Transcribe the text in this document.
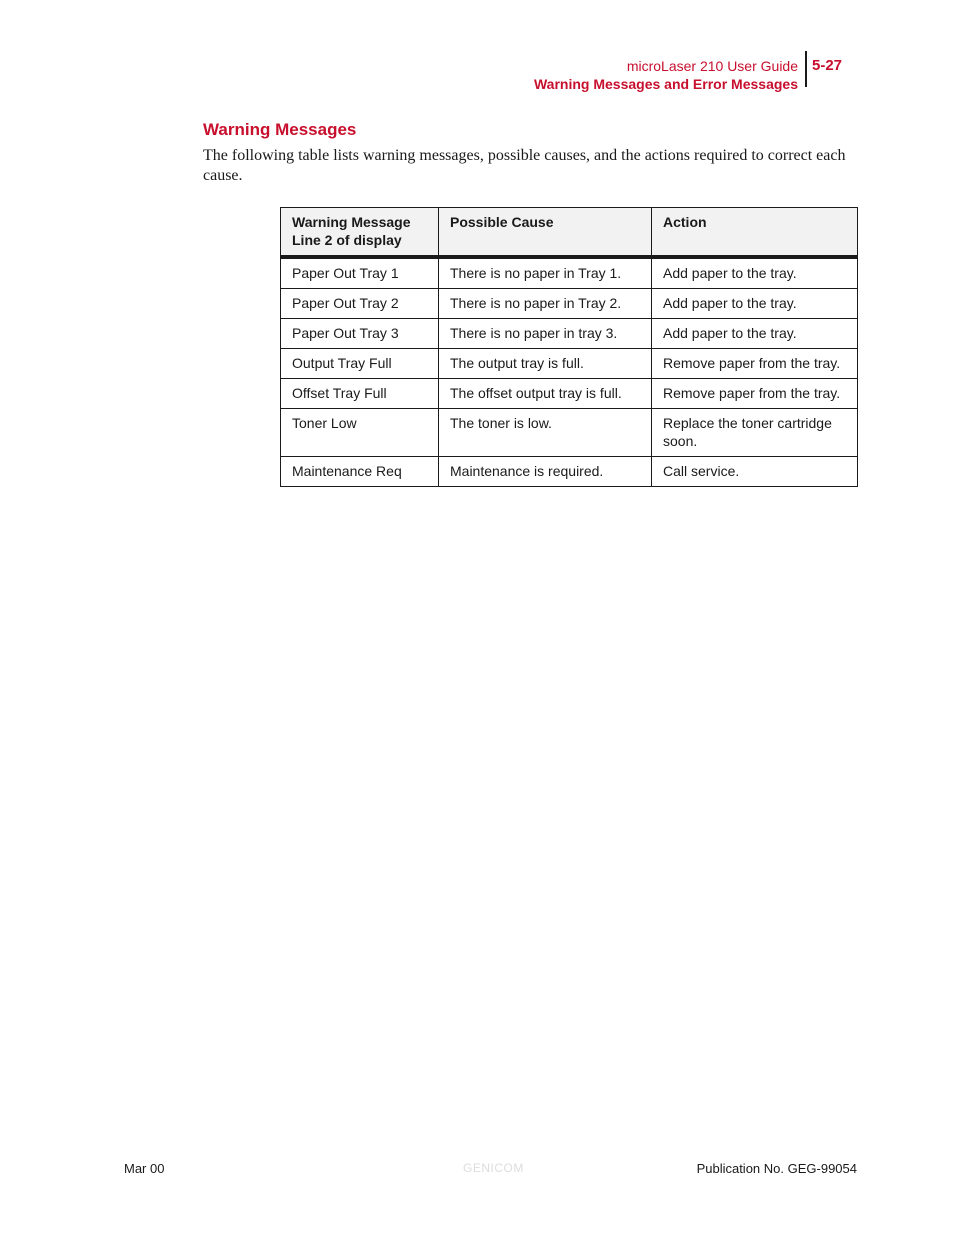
microLaser 210 User Guide
Warning Messages and Error Messages
5-27
Warning Messages

The following table lists warning messages, possible causes, and the actions required to correct each cause.

Warning Message
Line 2 of display	Possible Cause	Action
Paper Out Tray 1	There is no paper in Tray 1.	Add paper to the tray.
Paper Out Tray 2	There is no paper in Tray 2.	Add paper to the tray.
Paper Out Tray 3	There is no paper in tray 3.	Add paper to the tray.
Output Tray Full	The output tray is full.	Remove paper from the tray.
Offset Tray Full	The offset output tray is full.	Remove paper from the tray.
Toner Low	The toner is low.	Replace the toner cartridge soon.
Maintenance Req	Maintenance is required.	Call service.
Mar 00	GENICOM	Publication No. GEG-99054
